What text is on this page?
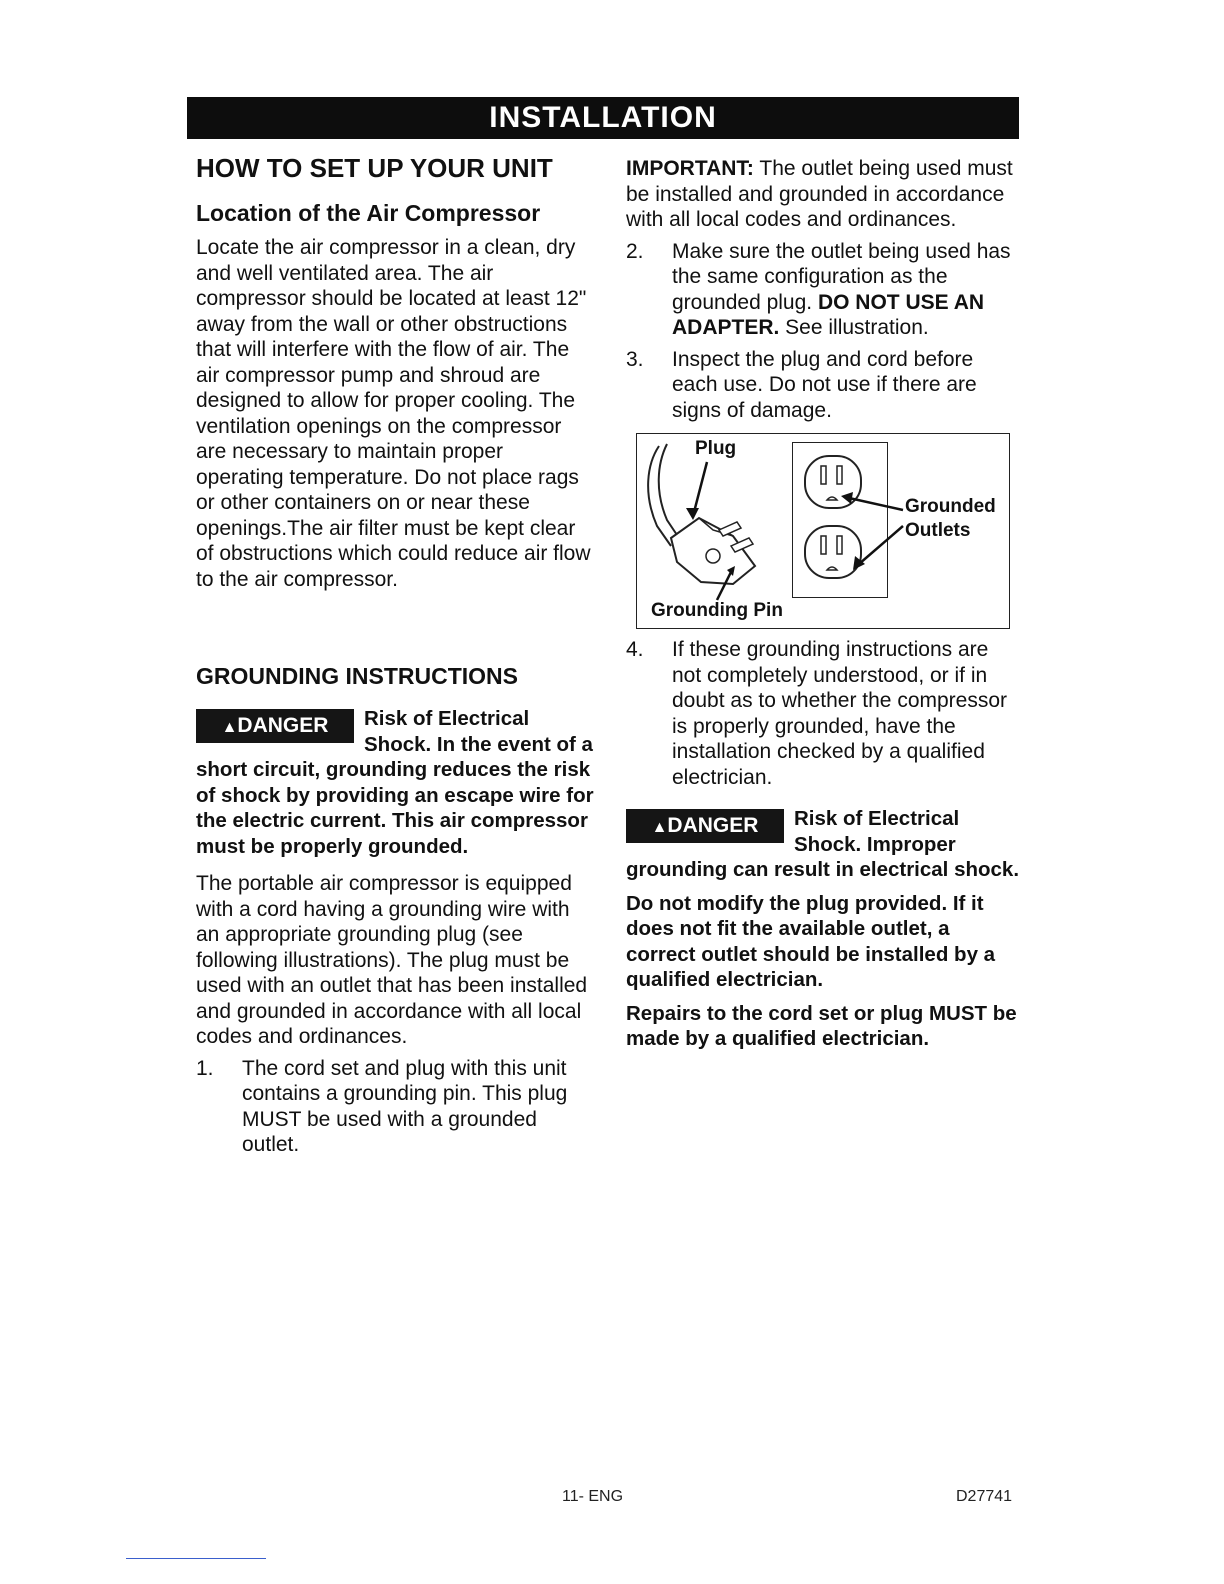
INSTALLATION
HOW TO SET UP YOUR UNIT
Location of the Air Compressor
Locate the air compressor in a clean, dry and well ventilated area. The air compressor should be located at least 12" away from the wall or other obstructions that will interfere with the flow of air. The air compressor pump and shroud are designed to allow for proper cooling. The ventilation openings on the compressor are necessary to maintain proper operating temperature. Do not place rags or other containers on or near these openings.The air filter must be kept clear of obstructions which could reduce air flow to the air compressor.
GROUNDING INSTRUCTIONS
▲DANGER	Risk of Electrical Shock. In the event of a short circuit, grounding reduces the risk of shock by providing an escape wire for the electric current. This air compressor must be properly grounded.
The portable air compressor is equipped with a cord having a grounding wire with an appropriate grounding plug (see following illustrations). The plug must be used with an outlet that has been installed and grounded in accordance with all local codes and ordinances.
1.	The cord set and plug with this unit contains a grounding pin. This plug MUST be used with a grounded outlet.
IMPORTANT: The outlet being used must be installed and grounded in accordance with all local codes and ordinances.
2.	Make sure the outlet being used has the same configuration as the grounded plug. DO NOT USE AN ADAPTER. See illustration.
3.	Inspect the plug and cord before each use. Do not use if there are signs of damage.
Plug
Grounded
Outlets
Grounding Pin
4.	If these grounding instructions are not completely understood, or if in doubt as to whether the compressor is properly grounded, have the installation checked by a qualified electrician.
▲DANGER	Risk of Electrical Shock. Improper grounding can result in electrical shock.
Do not modify the plug provided. If it does not fit the available outlet, a correct outlet should be installed by a qualified electrician.
Repairs to the cord set or plug MUST be made by a qualified electrician.
11- ENG	D27741
